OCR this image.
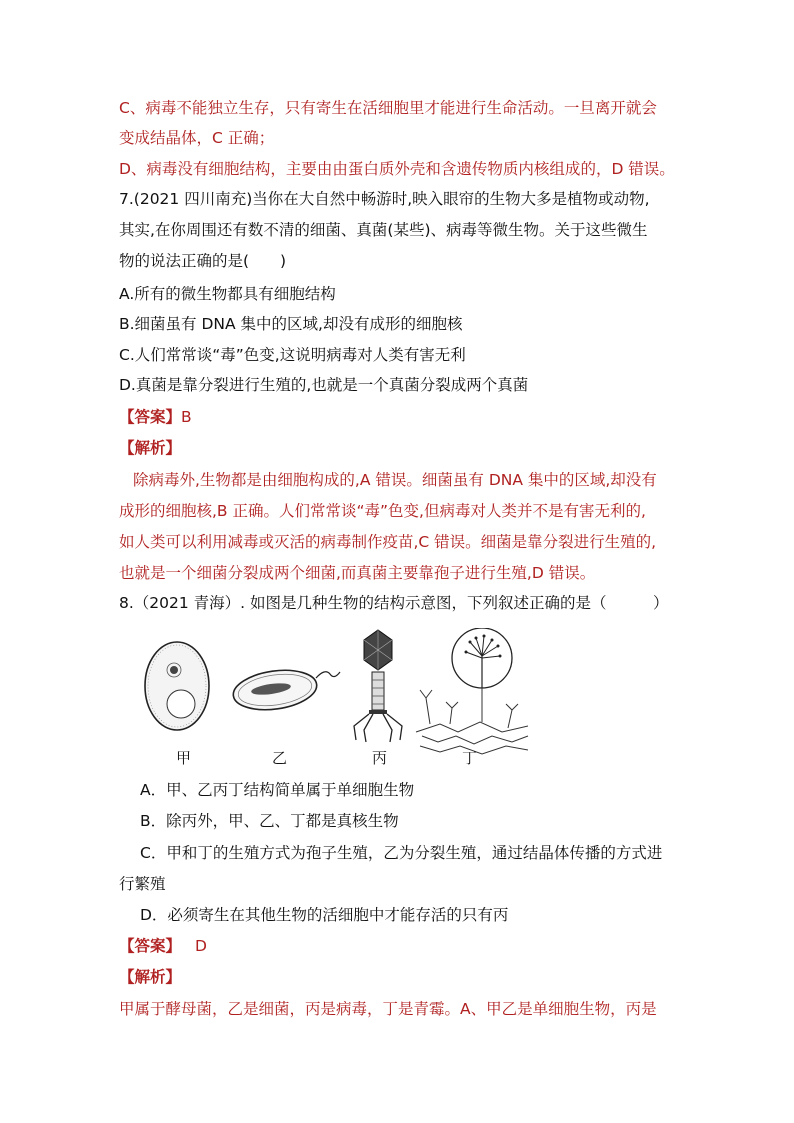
C、病毒不能独立生存，只有寄生在活细胞里才能进行生命活动。一旦离开就会
变成结晶体，C 正确；
D、病毒没有细胞结构，主要由由蛋白质外壳和含遗传物质内核组成的，D 错误。
7.(2021 四川南充)当你在大自然中畅游时,映入眼帘的生物大多是植物或动物,
其实,在你周围还有数不清的细菌、真菌(某些)、病毒等微生物。关于这些微生
物的说法正确的是(　　)
A.所有的微生物都具有细胞结构
B.细菌虽有 DNA 集中的区域,却没有成形的细胞核
C.人们常常谈“毒”色变,这说明病毒对人类有害无利
D.真菌是靠分裂进行生殖的,也就是一个真菌分裂成两个真菌
【答案】B
【解析】
除病毒外,生物都是由细胞构成的,A 错误。细菌虽有 DNA 集中的区域,却没有
成形的细胞核,B 正确。人们常常谈“毒”色变,但病毒对人类并不是有害无利的,
如人类可以利用减毒或灭活的病毒制作疫苗,C 错误。细菌是靠分裂进行生殖的,
也就是一个细菌分裂成两个细菌,而真菌主要靠孢子进行生殖,D 错误。
8.（2021 青海）. 如图是几种生物的结构示意图，下列叙述正确的是（　　　）
甲	乙	丙	丁
A．甲、乙丙丁结构简单属于单细胞生物
B．除丙外，甲、乙、丁都是真核生物
C．甲和丁的生殖方式为孢子生殖，乙为分裂生殖，通过结晶体传播的方式进
行繁殖
D．必须寄生在其他生物的活细胞中才能存活的只有丙
【答案】 D
【解析】
甲属于酵母菌，乙是细菌，丙是病毒，丁是青霉。A、甲乙是单细胞生物，丙是
